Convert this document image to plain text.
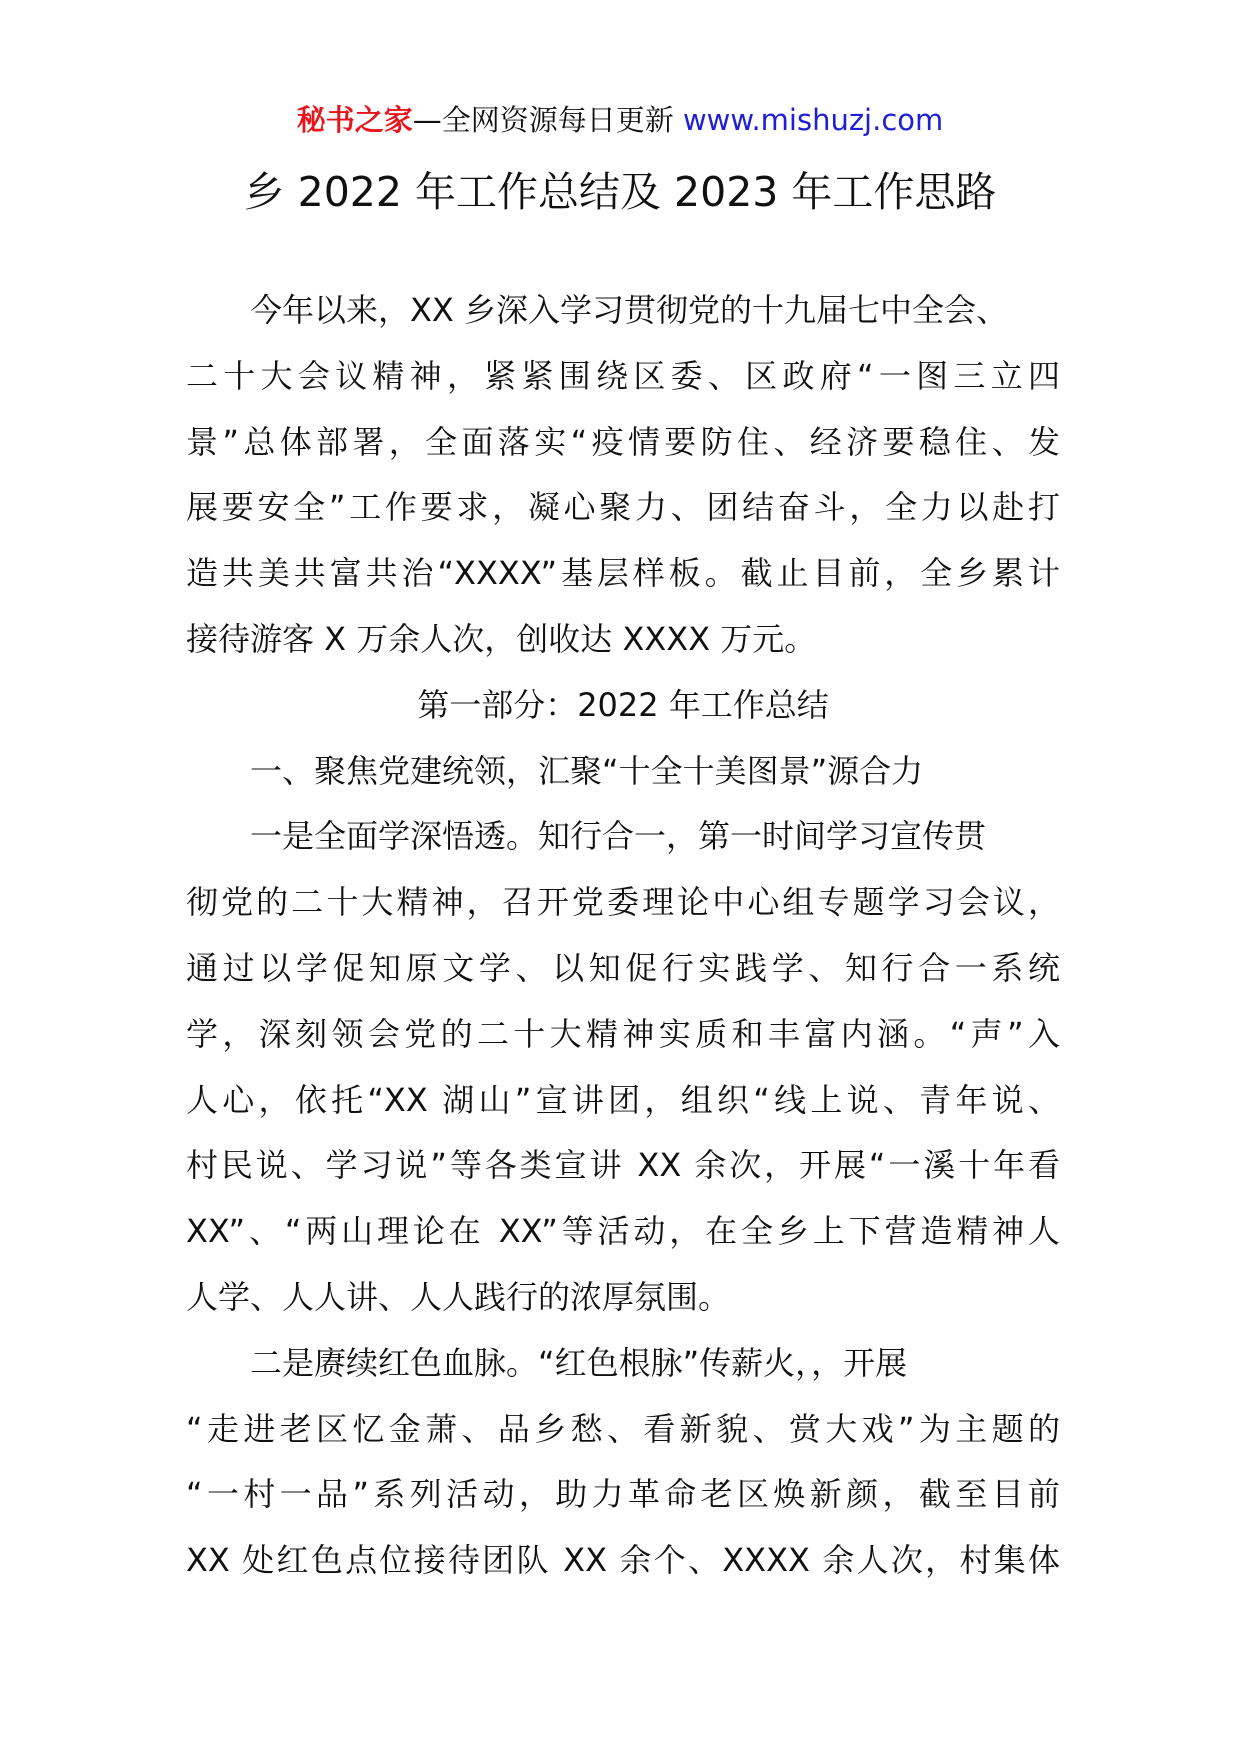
秘书之家—全网资源每日更新 www.mishuzj.com
乡 2022 年工作总结及 2023 年工作思路
今年以来，XX 乡深入学习贯彻党的十九届七中全会、
二十大会议精神，紧紧围绕区委、区政府“一图三立四
景”总体部署，全面落实“疫情要防住、经济要稳住、发
展要安全”工作要求，凝心聚力、团结奋斗，全力以赴打
造共美共富共治“XXXX”基层样板。截止目前，全乡累计
接待游客 X 万余人次，创收达 XXXX 万元。
第一部分：2022 年工作总结
一、聚焦党建统领，汇聚“十全十美图景”源合力
一是全面学深悟透。知行合一，第一时间学习宣传贯
彻党的二十大精神，召开党委理论中心组专题学习会议，
通过以学促知原文学、以知促行实践学、知行合一系统
学，深刻领会党的二十大精神实质和丰富内涵。“声”入
人心，依托“XX 湖山”宣讲团，组织“线上说、青年说、
村民说、学习说”等各类宣讲 XX 余次，开展“一溪十年看
XX”、“两山理论在 XX”等活动，在全乡上下营造精神人
人学、人人讲、人人践行的浓厚氛围。
二是赓续红色血脉。“红色根脉”传薪火，，开展
“走进老区忆金萧、品乡愁、看新貌、赏大戏”为主题的
“一村一品”系列活动，助力革命老区焕新颜，截至目前
XX 处红色点位接待团队 XX 余个、XXXX 余人次，村集体
